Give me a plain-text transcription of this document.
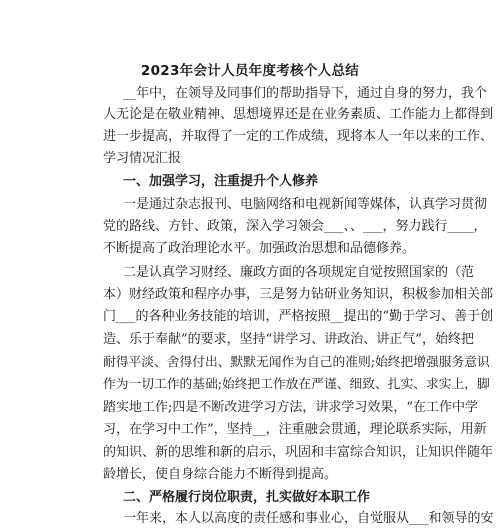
2023年会计人员年度考核个人总结
__年中，在领导及同事们的帮助指导下，通过自身的努力，我个
人无论是在敬业精神、思想境界还是在业务素质、工作能力上都得到
进一步提高，并取得了一定的工作成绩，现将本人一年以来的工作、
学习情况汇报
一、加强学习，注重提升个人修养
一是通过杂志报刊、电脑网络和电视新闻等媒体，认真学习贯彻
党的路线、方针、政策，深入学习领会___、、___，努力践行____，
不断提高了政治理论水平。加强政治思想和品德修养。
二是认真学习财经、廉政方面的各项规定自觉按照国家的（范
本）财经政策和程序办事，三是努力钻研业务知识，积极参加相关部
门___的各种业务技能的培训，严格按照__提出的“勤于学习、善于创
造、乐于奉献”的要求，坚持“讲学习、讲政治、讲正气”，始终把
耐得平淡、舍得付出、默默无闻作为自己的准则;始终把增强服务意识
作为一切工作的基础;始终把工作放在严谨、细致、扎实、求实上，脚
踏实地工作;四是不断改进学习方法，讲求学习效果，“在工作中学
习，在学习中工作”，坚持__，注重融会贯通，理论联系实际，用新
的知识、新的思维和新的启示，巩固和丰富综合知识，让知识伴随年
龄增长，使自身综合能力不断得到提高。
二、严格履行岗位职责，扎实做好本职工作
一年来，本人以高度的责任感和事业心，自觉服从___和领导的安
